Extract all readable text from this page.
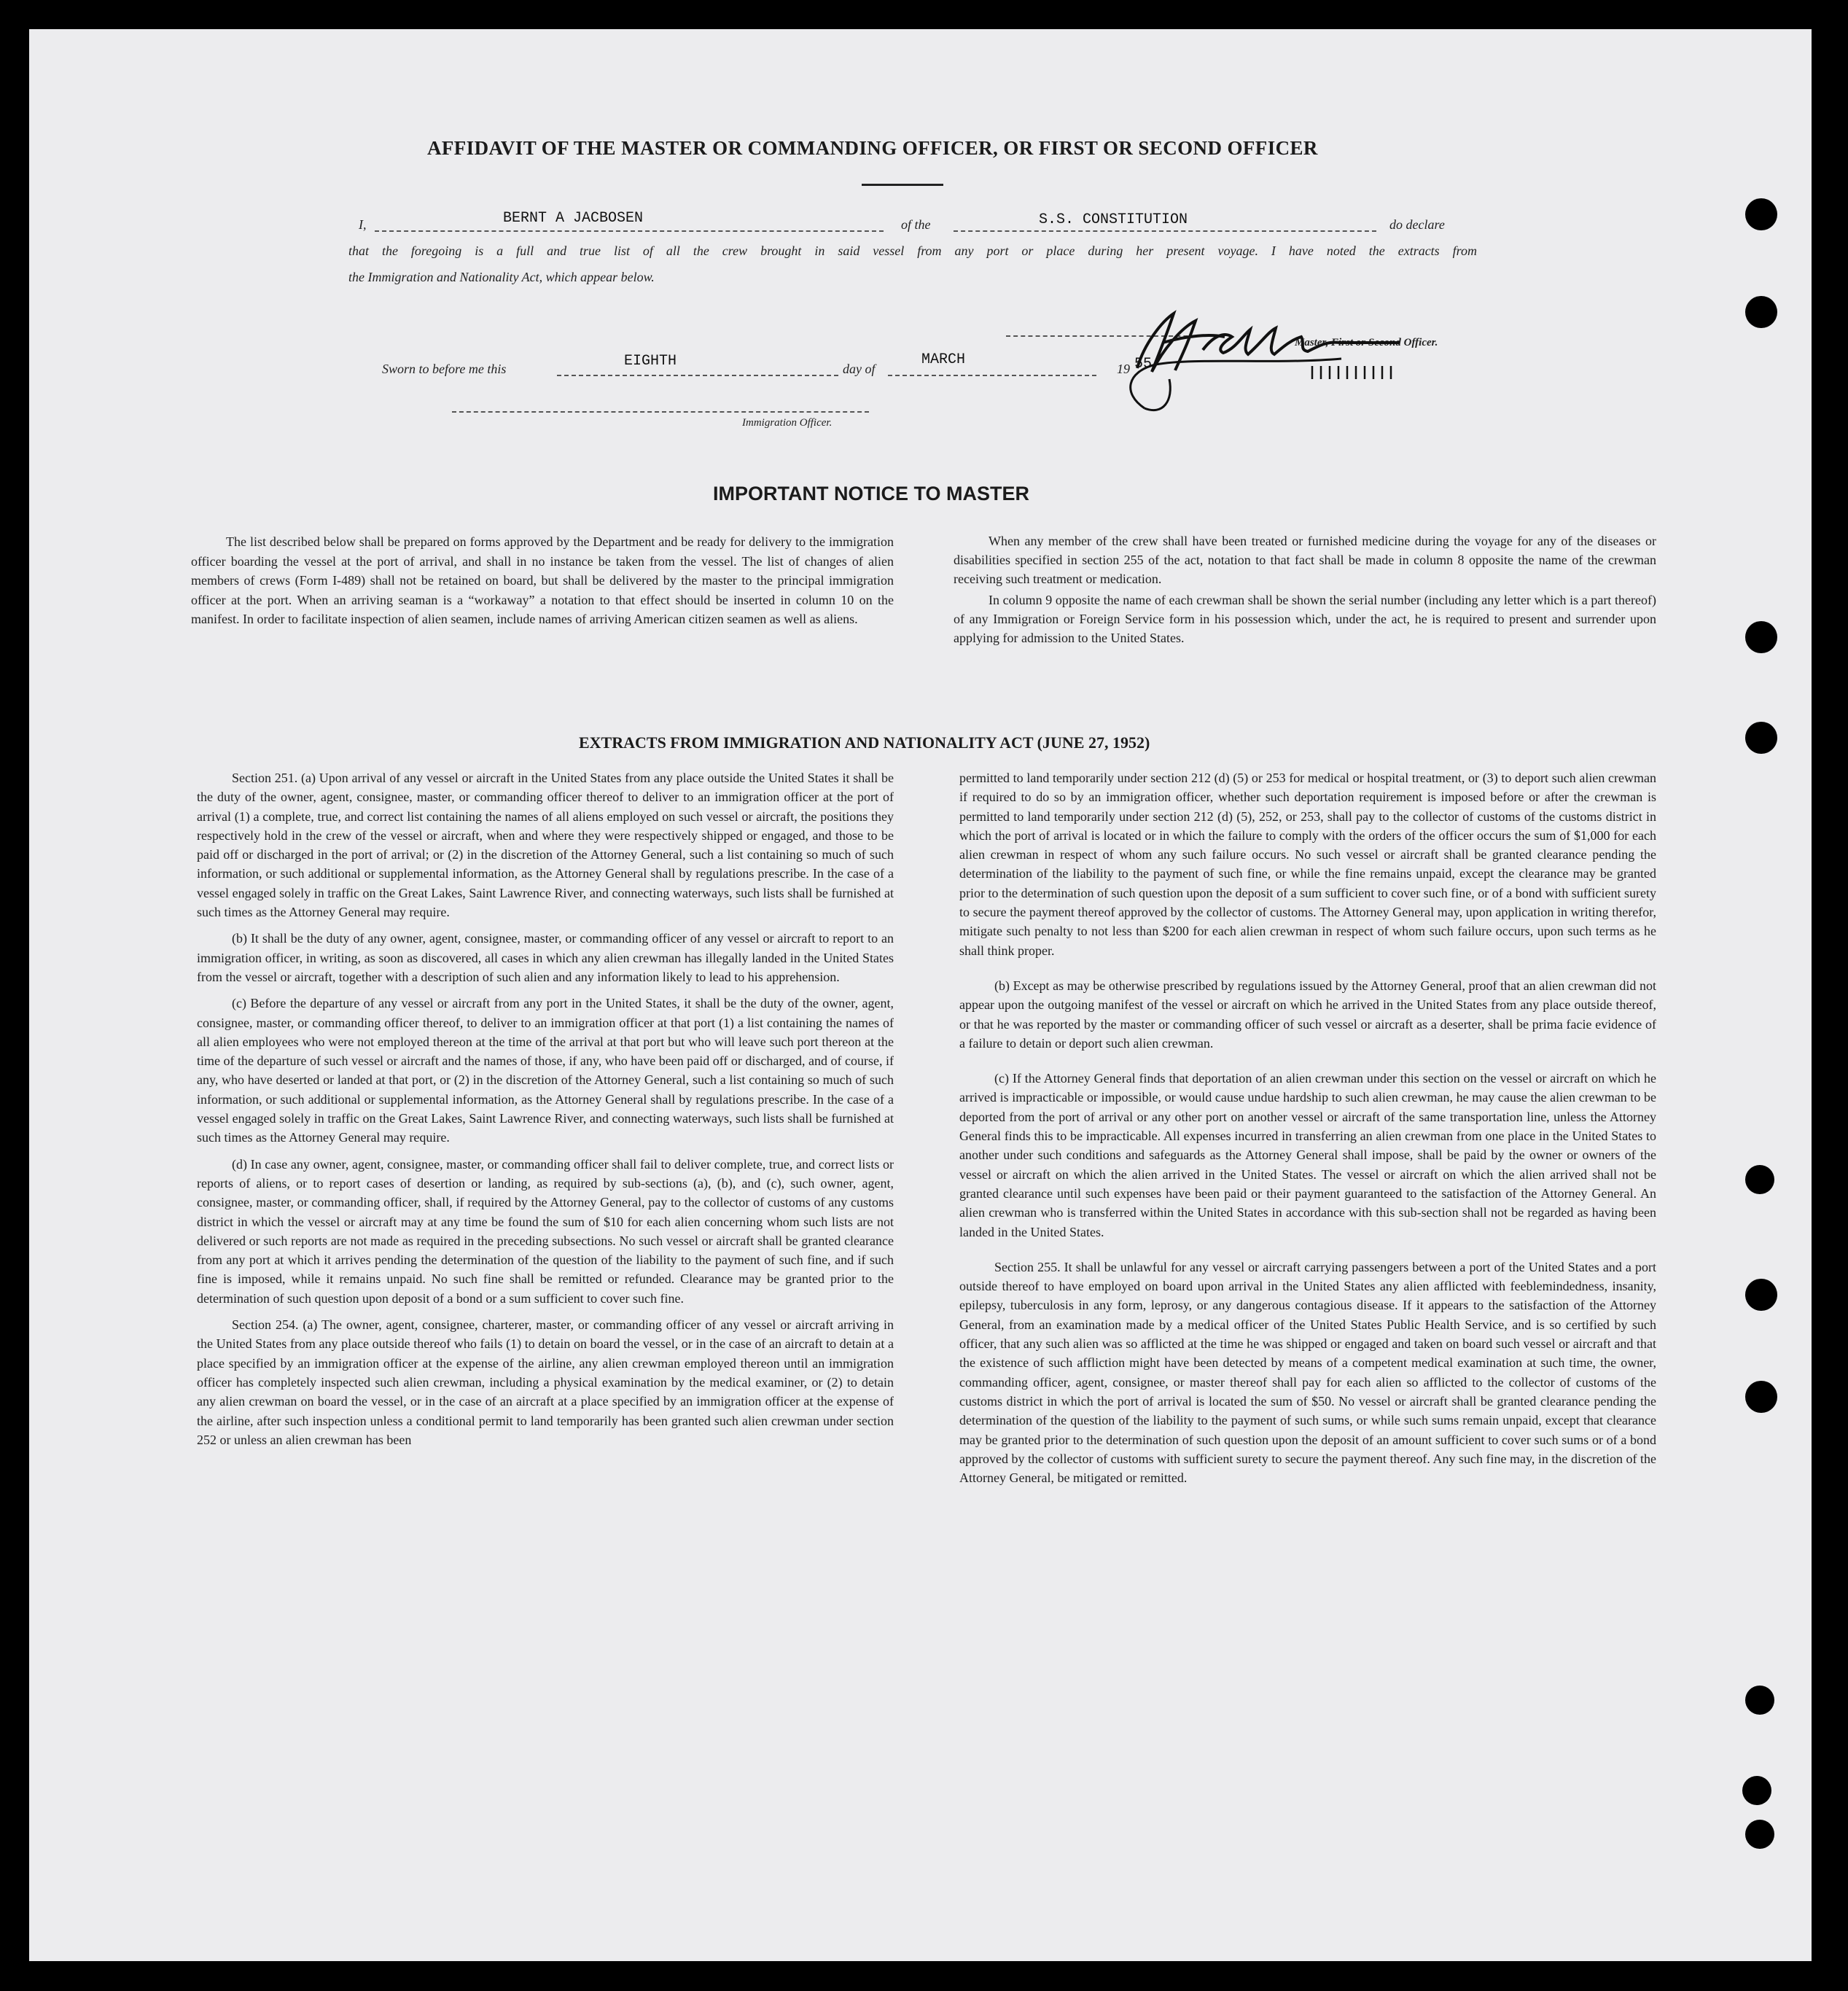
AFFIDAVIT OF THE MASTER OR COMMANDING OFFICER, OR FIRST OR SECOND OFFICER
I,	BERNT A JACBOSEN	of the	S.S. CONSTITUTION	do declare
that the foregoing is a full and true list of all the crew brought in said vessel from any port or place during her present voyage. I have noted the extracts from
the Immigration and Nationality Act, which appear below.
Sworn to before me this	EIGHTH	day of
MARCH
19 55
Master, First or Second Officer.
Immigration Officer.
IMPORTANT NOTICE TO MASTER

The list described below shall be prepared on forms approved by the Department and be ready for delivery to the immigration officer boarding the vessel at the port of arrival, and shall in no instance be taken from the vessel. The list of changes of alien members of crews (Form I-489) shall not be retained on board, but shall be delivered by the master to the principal immigration officer at the port. When an arriving seaman is a “workaway” a notation to that effect should be inserted in column 10 on the manifest. In order to facilitate inspection of alien seamen, include names of arriving American citizen seamen as well as aliens.

When any member of the crew shall have been treated or furnished medicine during the voyage for any of the diseases or disabilities specified in section 255 of the act, notation to that fact shall be made in column 8 opposite the name of the crewman receiving such treatment or medication.

In column 9 opposite the name of each crewman shall be shown the serial number (including any letter which is a part thereof) of any Immigration or Foreign Service form in his possession which, under the act, he is required to present and surrender upon applying for admission to the United States.

EXTRACTS FROM IMMIGRATION AND NATIONALITY ACT (JUNE 27, 1952)

Section 251. (a) Upon arrival of any vessel or aircraft in the United States from any place outside the United States it shall be the duty of the owner, agent, consignee, master, or commanding officer thereof to deliver to an immigration officer at the port of arrival (1) a complete, true, and correct list containing the names of all aliens employed on such vessel or aircraft, the positions they respectively hold in the crew of the vessel or aircraft, when and where they were respectively shipped or engaged, and those to be paid off or discharged in the port of arrival; or (2) in the discretion of the Attorney General, such a list containing so much of such information, or such additional or supplemental information, as the Attorney General shall by regulations prescribe. In the case of a vessel engaged solely in traffic on the Great Lakes, Saint Lawrence River, and connecting waterways, such lists shall be furnished at such times as the Attorney General may require.

(b) It shall be the duty of any owner, agent, consignee, master, or commanding officer of any vessel or aircraft to report to an immigration officer, in writing, as soon as discovered, all cases in which any alien crewman has illegally landed in the United States from the vessel or aircraft, together with a description of such alien and any information likely to lead to his apprehension.

(c) Before the departure of any vessel or aircraft from any port in the United States, it shall be the duty of the owner, agent, consignee, master, or commanding officer thereof, to deliver to an immigration officer at that port (1) a list containing the names of all alien employees who were not employed thereon at the time of the arrival at that port but who will leave such port thereon at the time of the departure of such vessel or aircraft and the names of those, if any, who have been paid off or discharged, and of course, if any, who have deserted or landed at that port, or (2) in the discretion of the Attorney General, such a list containing so much of such information, or such additional or supplemental information, as the Attorney General shall by regulations prescribe. In the case of a vessel engaged solely in traffic on the Great Lakes, Saint Lawrence River, and connecting waterways, such lists shall be furnished at such times as the Attorney General may require.

(d) In case any owner, agent, consignee, master, or commanding officer shall fail to deliver complete, true, and correct lists or reports of aliens, or to report cases of desertion or landing, as required by sub-sections (a), (b), and (c), such owner, agent, consignee, master, or commanding officer, shall, if required by the Attorney General, pay to the collector of customs of any customs district in which the vessel or aircraft may at any time be found the sum of $10 for each alien concerning whom such lists are not delivered or such reports are not made as required in the preceding subsections. No such vessel or aircraft shall be granted clearance from any port at which it arrives pending the determination of the question of the liability to the payment of such fine, and if such fine is imposed, while it remains unpaid. No such fine shall be remitted or refunded. Clearance may be granted prior to the determination of such question upon deposit of a bond or a sum sufficient to cover such fine.

Section 254. (a) The owner, agent, consignee, charterer, master, or commanding officer of any vessel or aircraft arriving in the United States from any place outside thereof who fails (1) to detain on board the vessel, or in the case of an aircraft to detain at a place specified by an immigration officer at the expense of the airline, any alien crewman employed thereon until an immigration officer has completely inspected such alien crewman, including a physical examination by the medical examiner, or (2) to detain any alien crewman on board the vessel, or in the case of an aircraft at a place specified by an immigration officer at the expense of the airline, after such inspection unless a conditional permit to land temporarily has been granted such alien crewman under section 252 or unless an alien crewman has been

permitted to land temporarily under section 212 (d) (5) or 253 for medical or hospital treatment, or (3) to deport such alien crewman if required to do so by an immigration officer, whether such deportation requirement is imposed before or after the crewman is permitted to land temporarily under section 212 (d) (5), 252, or 253, shall pay to the collector of customs of the customs district in which the port of arrival is located or in which the failure to comply with the orders of the officer occurs the sum of $1,000 for each alien crewman in respect of whom any such failure occurs. No such vessel or aircraft shall be granted clearance pending the determination of the liability to the payment of such fine, or while the fine remains unpaid, except the clearance may be granted prior to the determination of such question upon the deposit of a sum sufficient to cover such fine, or of a bond with sufficient surety to secure the payment thereof approved by the collector of customs. The Attorney General may, upon application in writing therefor, mitigate such penalty to not less than $200 for each alien crewman in respect of whom such failure occurs, upon such terms as he shall think proper.

(b) Except as may be otherwise prescribed by regulations issued by the Attorney General, proof that an alien crewman did not appear upon the outgoing manifest of the vessel or aircraft on which he arrived in the United States from any place outside thereof, or that he was reported by the master or commanding officer of such vessel or aircraft as a deserter, shall be prima facie evidence of a failure to detain or deport such alien crewman.

(c) If the Attorney General finds that deportation of an alien crewman under this section on the vessel or aircraft on which he arrived is impracticable or impossible, or would cause undue hardship to such alien crewman, he may cause the alien crewman to be deported from the port of arrival or any other port on another vessel or aircraft of the same transportation line, unless the Attorney General finds this to be impracticable. All expenses incurred in transferring an alien crewman from one place in the United States to another under such conditions and safeguards as the Attorney General shall impose, shall be paid by the owner or owners of the vessel or aircraft on which the alien arrived in the United States. The vessel or aircraft on which the alien arrived shall not be granted clearance until such expenses have been paid or their payment guaranteed to the satisfaction of the Attorney General. An alien crewman who is transferred within the United States in accordance with this sub-section shall not be regarded as having been landed in the United States.

Section 255. It shall be unlawful for any vessel or aircraft carrying passengers between a port of the United States and a port outside thereof to have employed on board upon arrival in the United States any alien afflicted with feeblemindedness, insanity, epilepsy, tuberculosis in any form, leprosy, or any dangerous contagious disease. If it appears to the satisfaction of the Attorney General, from an examination made by a medical officer of the United States Public Health Service, and is so certified by such officer, that any such alien was so afflicted at the time he was shipped or engaged and taken on board such vessel or aircraft and that the existence of such affliction might have been detected by means of a competent medical examination at such time, the owner, commanding officer, agent, consignee, or master thereof shall pay for each alien so afflicted to the collector of customs of the customs district in which the port of arrival is located the sum of $50. No vessel or aircraft shall be granted clearance pending the determination of the question of the liability to the payment of such sums, or while such sums remain unpaid, except that clearance may be granted prior to the determination of such question upon the deposit of an amount sufficient to cover such sums or of a bond approved by the collector of customs with sufficient surety to secure the payment thereof. Any such fine may, in the discretion of the Attorney General, be mitigated or remitted.
